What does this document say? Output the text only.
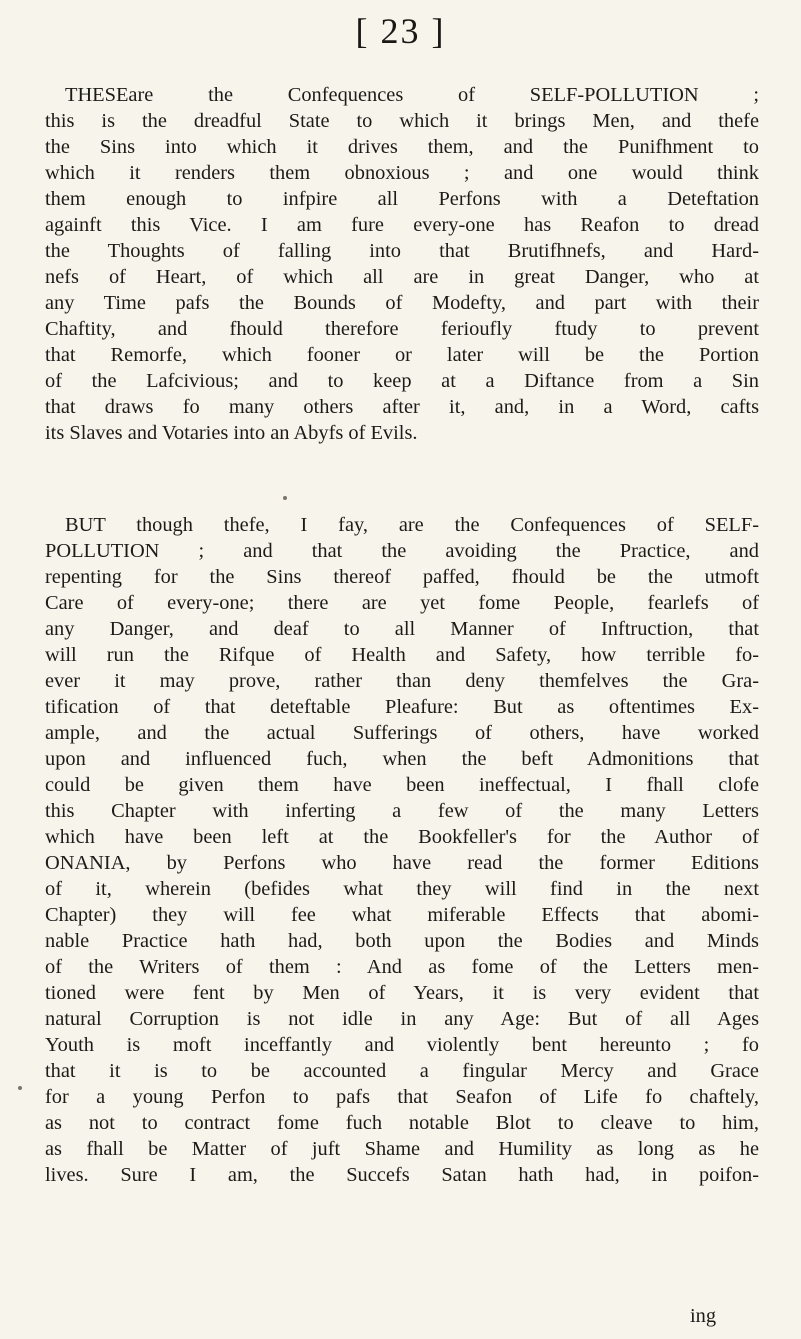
[ 23 ]
THESEare the Confequences of SELF-POLLUTION ;
this is the dreadful State to which it brings Men, and thefe
the Sins into which it drives them, and the Punifhment to
which it renders them obnoxious ; and one would think
them enough to infpire all Perfons with a Deteftation
againft this Vice. I am fure every-one has Reafon to dread
the Thoughts of falling into that Brutifhnefs, and Hard-
nefs of Heart, of which all are in great Danger, who at
any Time pafs the Bounds of Modefty, and part with their
Chaftity, and fhould therefore ferioufly ftudy to prevent
that Remorfe, which fooner or later will be the Portion
of the Lafcivious; and to keep at a Diftance from a Sin
that draws fo many others after it, and, in a Word, cafts
its Slaves and Votaries into an Abyfs of Evils.
BUT though thefe, I fay, are the Confequences of SELF-
POLLUTION ; and that the avoiding the Practice, and
repenting for the Sins thereof paffed, fhould be the utmoft
Care of every-one; there are yet fome People, fearlefs of
any Danger, and deaf to all Manner of Inftruction, that
will run the Rifque of Health and Safety, how terrible fo-
ever it may prove, rather than deny themfelves the Gra-
tification of that deteftable Pleafure: But as oftentimes Ex-
ample, and the actual Sufferings of others, have worked
upon and influenced fuch, when the beft Admonitions that
could be given them have been ineffectual, I fhall clofe
this Chapter with inferting a few of the many Letters
which have been left at the Bookfeller's for the Author of
ONANIA, by Perfons who have read the former Editions
of it, wherein (befides what they will find in the next
Chapter) they will fee what miferable Effects that abomi-
nable Practice hath had, both upon the Bodies and Minds
of the Writers of them : And as fome of the Letters men-
tioned were fent by Men of Years, it is very evident that
natural Corruption is not idle in any Age: But of all Ages
Youth is moft inceffantly and violently bent hereunto ; fo
that it is to be accounted a fingular Mercy and Grace
for a young Perfon to pafs that Seafon of Life fo chaftely,
as not to contract fome fuch notable Blot to cleave to him,
as fhall be Matter of juft Shame and Humility as long as he
lives. Sure I am, the Succefs Satan hath had, in poifon-
ing
